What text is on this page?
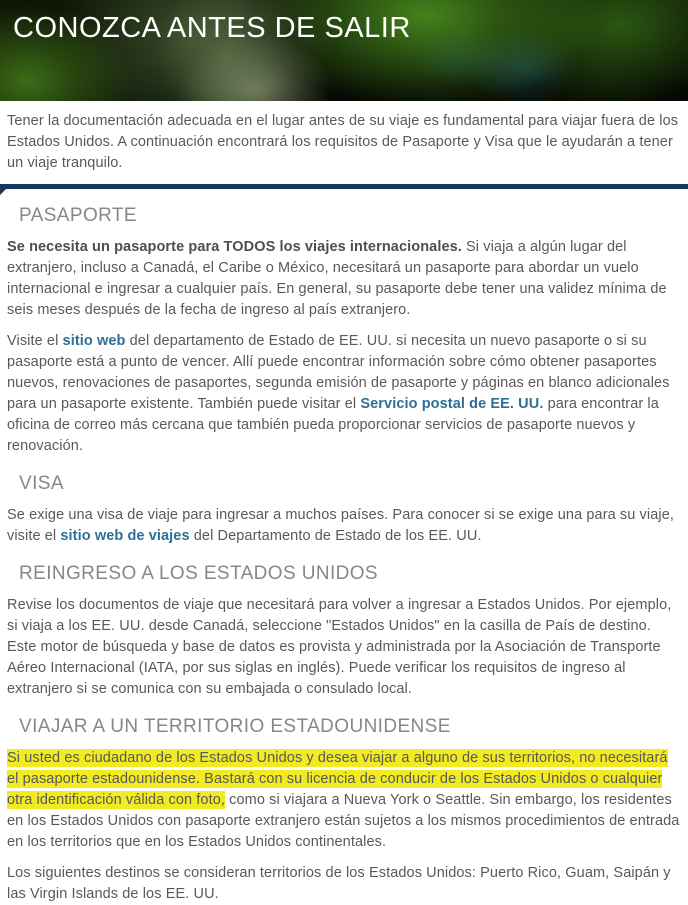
CONOZCA ANTES DE SALIR

Tener la documentación adecuada en el lugar antes de su viaje es fundamental para viajar fuera de los Estados Unidos. A continuación encontrará los requisitos de Pasaporte y Visa que le ayudarán a tener un viaje tranquilo.

PASAPORTE

Se necesita un pasaporte para TODOS los viajes internacionales. Si viaja a algún lugar del extranjero, incluso a Canadá, el Caribe o México, necesitará un pasaporte para abordar un vuelo internacional e ingresar a cualquier país. En general, su pasaporte debe tener una validez mínima de seis meses después de la fecha de ingreso al país extranjero.

Visite el sitio web del departamento de Estado de EE. UU. si necesita un nuevo pasaporte o si su pasaporte está a punto de vencer. Allí puede encontrar información sobre cómo obtener pasaportes nuevos, renovaciones de pasaportes, segunda emisión de pasaporte y páginas en blanco adicionales para un pasaporte existente. También puede visitar el Servicio postal de EE. UU. para encontrar la oficina de correo más cercana que también pueda proporcionar servicios de pasaporte nuevos y renovación.

VISA

Se exige una visa de viaje para ingresar a muchos países. Para conocer si se exige una para su viaje, visite el sitio web de viajes del Departamento de Estado de los EE. UU.

REINGRESO A LOS ESTADOS UNIDOS

Revise los documentos de viaje que necesitará para volver a ingresar a Estados Unidos. Por ejemplo, si viaja a los EE. UU. desde Canadá, seleccione "Estados Unidos" en la casilla de País de destino. Este motor de búsqueda y base de datos es provista y administrada por la Asociación de Transporte Aéreo Internacional (IATA, por sus siglas en inglés). Puede verificar los requisitos de ingreso al extranjero si se comunica con su embajada o consulado local.

VIAJAR A UN TERRITORIO ESTADOUNIDENSE

Si usted es ciudadano de los Estados Unidos y desea viajar a alguno de sus territorios, no necesitará el pasaporte estadounidense. Bastará con su licencia de conducir de los Estados Unidos o cualquier otra identificación válida con foto, como si viajara a Nueva York o Seattle. Sin embargo, los residentes en los Estados Unidos con pasaporte extranjero están sujetos a los mismos procedimientos de entrada en los territorios que en los Estados Unidos continentales.

Los siguientes destinos se consideran territorios de los Estados Unidos: Puerto Rico, Guam, Saipán y las Virgin Islands de los EE. UU.
